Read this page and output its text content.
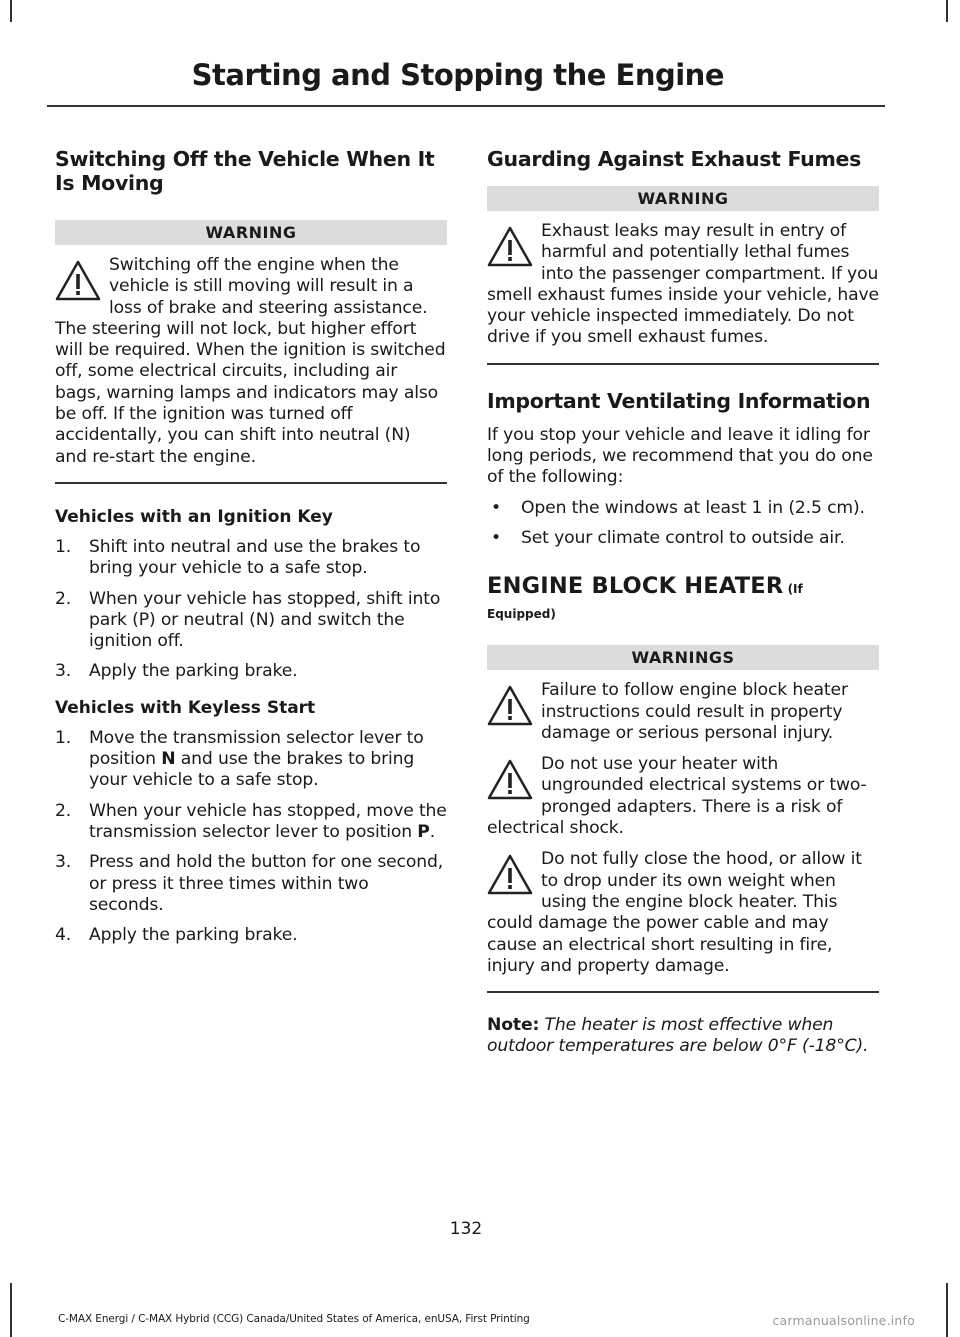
Starting and Stopping the Engine
Switching Off the Vehicle When It Is Moving
WARNING

Switching off the engine when the vehicle is still moving will result in a loss of brake and steering assistance. The steering will not lock, but higher effort will be required. When the ignition is switched off, some electrical circuits, including air bags, warning lamps and indicators may also be off. If the ignition was turned off accidentally, you can shift into neutral (N) and re-start the engine.

Vehicles with an Ignition Key
1. Shift into neutral and use the brakes to bring your vehicle to a safe stop.
2. When your vehicle has stopped, shift into park (P) or neutral (N) and switch the ignition off.
3. Apply the parking brake.
Vehicles with Keyless Start
1. Move the transmission selector lever to position N and use the brakes to bring your vehicle to a safe stop.
2. When your vehicle has stopped, move the transmission selector lever to position P.
3. Press and hold the button for one second, or press it three times within two seconds.
4. Apply the parking brake.
Guarding Against Exhaust Fumes
WARNING

Exhaust leaks may result in entry of harmful and potentially lethal fumes into the passenger compartment. If you smell exhaust fumes inside your vehicle, have your vehicle inspected immediately. Do not drive if you smell exhaust fumes.

Important Ventilating Information

If you stop your vehicle and leave it idling for long periods, we recommend that you do one of the following:

• Open the windows at least 1 in (2.5 cm).
• Set your climate control to outside air.
ENGINE BLOCK HEATER (If
Equipped)
WARNINGS

Failure to follow engine block heater instructions could result in property damage or serious personal injury.

Do not use your heater with ungrounded electrical systems or two-pronged adapters. There is a risk of electrical shock.

Do not fully close the hood, or allow it to drop under its own weight when using the engine block heater. This could damage the power cable and may cause an electrical short resulting in fire, injury and property damage.

Note: The heater is most effective when outdoor temperatures are below 0°F (-18°C).

132
C-MAX Energi / C-MAX Hybrid (CCG) Canada/United States of America, enUSA, First Printing	carmanualsonline.info
